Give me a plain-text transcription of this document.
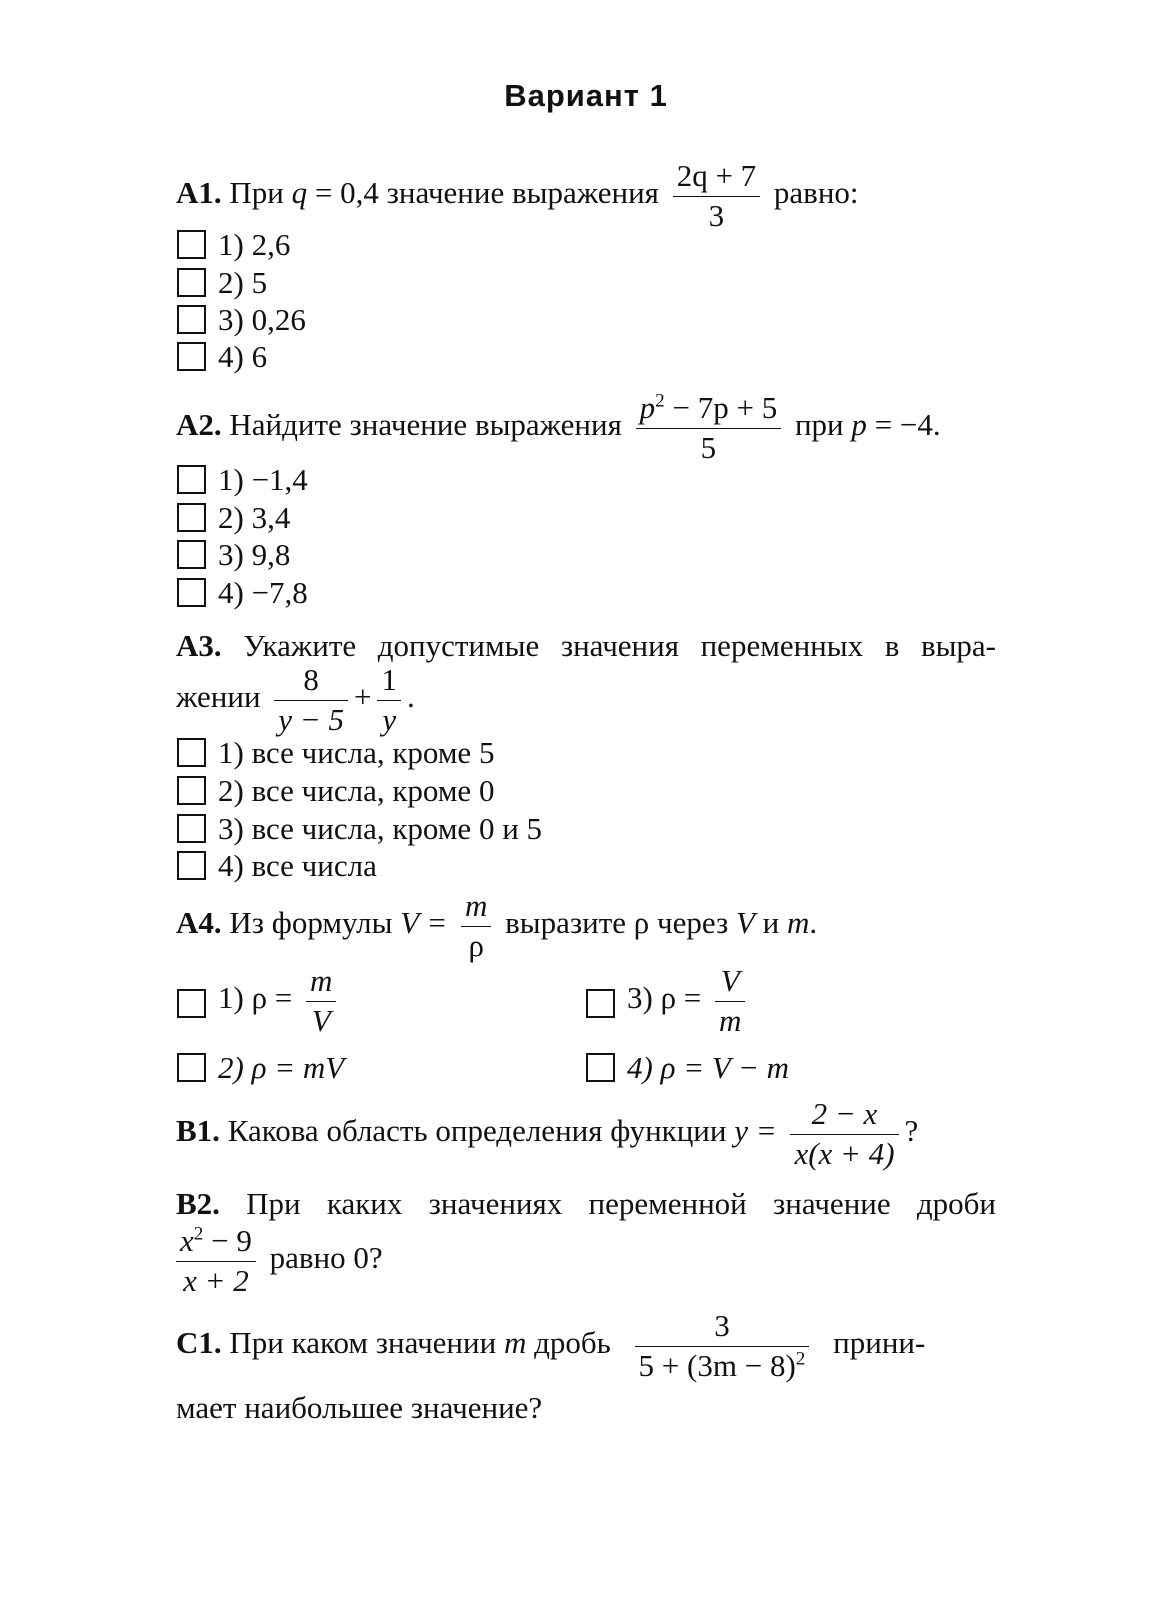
Вариант 1
А1. При q = 0,4 значение выражения $\frac{2q + 7}{3}$ равно:
1) 2,6
2) 5
3) 0,26
4) 6
А2. Найдите значение выражения $\frac{p^2 - 7p + 5}{5}$ при p = −4.
1) −1,4
2) 3,4
3) 9,8
4) −7,8
А3. Укажите допустимые значения переменных в выра-
жении $\frac{8}{y - 5} + \frac{1}{y}$ .
1) все числа, кроме 5
2) все числа, кроме 0
3) все числа, кроме 0 и 5
4) все числа
А4. Из формулы $V = \frac{m}{\rho}$ выразите ρ через V и m.
1) $\rho = \frac{m}{V}$	3) $\rho = \frac{V}{m}$
2) ρ = mV	4) ρ = V − m
В1. Какова область определения функции $y = \frac{2 - x}{x(x + 4)}$ ?
В2. При каких значениях переменной значение дроби
$\frac{x^2 - 9}{x + 2}$ равно 0?
С1. При каком значении m дробь $\frac{3}{5 + (3m - 8)^2}$ прини-
мает наибольшее значение?
